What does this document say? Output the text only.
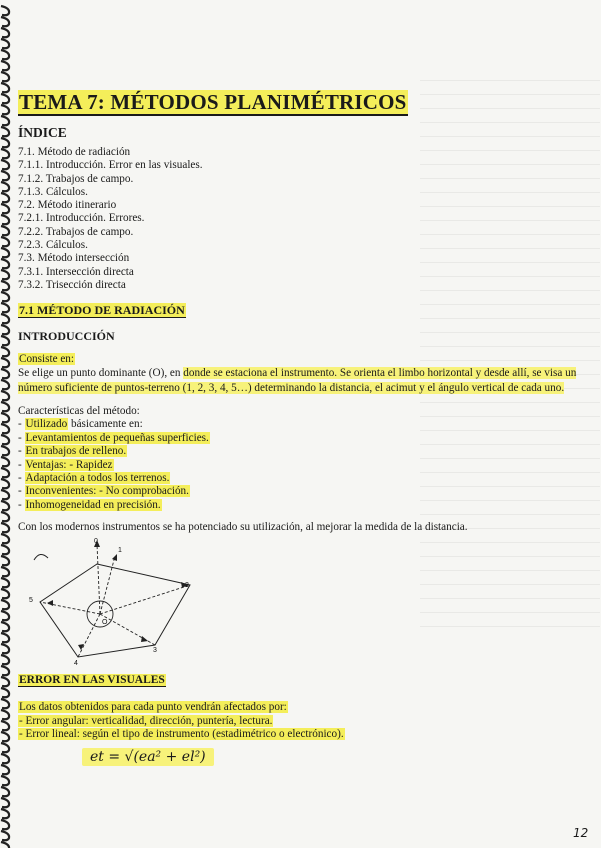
TEMA 7: MÉTODOS PLANIMÉTRICOS
ÍNDICE
7.1. Método de radiación
7.1.1. Introducción. Error en las visuales.
7.1.2. Trabajos de campo.
7.1.3. Cálculos.
7.2. Método itinerario
7.2.1. Introducción. Errores.
7.2.2. Trabajos de campo.
7.2.3. Cálculos.
7.3. Método intersección
7.3.1. Intersección directa
7.3.2. Trisección directa
7.1 MÉTODO DE RADIACIÓN
INTRODUCCIÓN
Consiste en:
Se elige un punto dominante (O), en donde se estaciona el instrumento. Se orienta el limbo horizontal y desde allí, se visa un número suficiente de puntos-terreno (1, 2, 3, 4, 5…) determinando la distancia, el acimut y el ángulo vertical de cada uno.
Características del método:
- Utilizado básicamente en:
- Levantamientos de pequeñas superficies.
- En trabajos de relleno.
- Ventajas: - Rapidez
- Adaptación a todos los terrenos.
- Inconvenientes: - No comprobación.
- Inhomogeneidad en precisión.
Con los modernos instrumentos se ha potenciado su utilización, al mejorar la medida de la distancia.
0
1
2
3
4
5
O
ERROR EN LAS VISUALES
Los datos obtenidos para cada punto vendrán afectados por:
- Error angular: verticalidad, dirección, puntería, lectura.
- Error lineal: según el tipo de instrumento (estadimétrico o electrónico).
et = √(ea² + el²)
12
